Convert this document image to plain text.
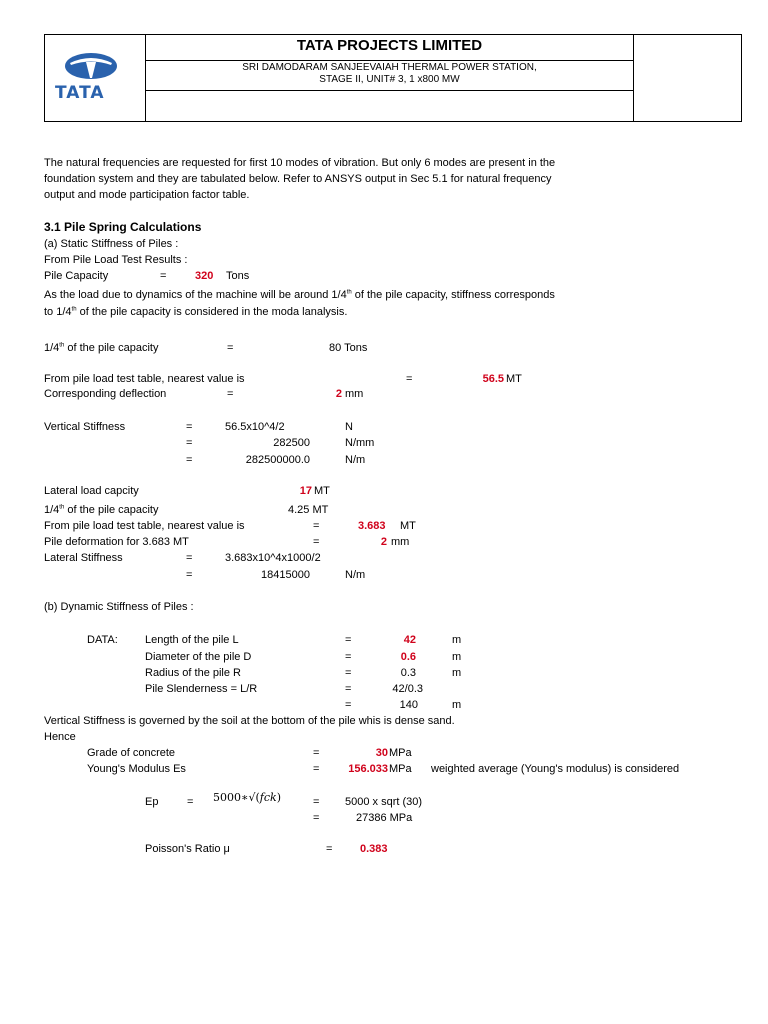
TATA
TATA PROJECTS LIMITED
SRI DAMODARAM SANJEEVAIAH THERMAL POWER STATION,
STAGE II, UNIT# 3, 1 x800 MW
The natural frequencies are requested for first 10 modes of vibration. But only 6 modes are present in the
foundation system and they are tabulated below. Refer to ANSYS output in Sec 5.1 for natural frequency
output and mode participation factor table.
3.1 Pile Spring Calculations
(a) Static Stiffness of Piles :
From Pile Load Test Results :
Pile Capacity	=	320 Tons
As the load due to dynamics of the machine will be around 1/4th of the pile capacity, stiffness corresponds
to 1/4th of the pile capacity is considered in the moda lanalysis.
1/4th of the pile capacity	=	80 Tons
From pile load test table, nearest value is	=	56.5 MT
Corresponding deflection	=	2 mm
Vertical Stiffness	=	56.5x10^4/2	N
=	282500	N/mm
=	282500000.0	N/m
Lateral load capcity	17 MT
1/4th of the pile capacity	4.25 MT
From pile load test table, nearest value is	=	3.683 MT
Pile deformation for 3.683 MT	=	2 mm
Lateral Stiffness	=	3.683x10^4x1000/2
=	18415000	N/m
(b) Dynamic Stiffness of Piles :
DATA: Length of the pile L	=	42	m
Diameter of the pile D	=	0.6	m
Radius of the pile R	=	0.3	m
Pile Slenderness = L/R	=	42/0.3
=	140	m
Vertical Stiffness is governed by the soil at the bottom of the pile whis is dense sand.
Hence
Grade of concrete	=	30 MPa
Young's Modulus Es	=	156.033 MPa weighted average (Young's modulus) is considered
Ep	= 5000∗√(fck)	= 5000 x sqrt (30)
=	27386 MPa
Poisson's Ratio μ	=	0.383
